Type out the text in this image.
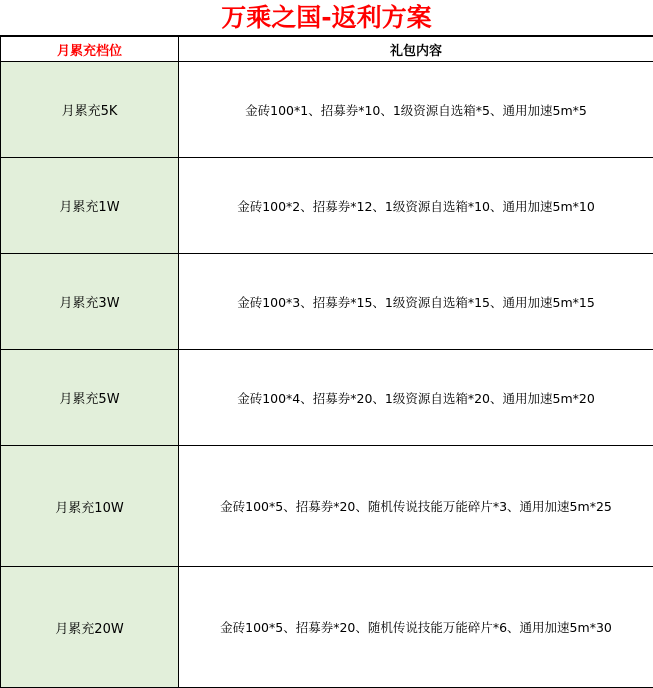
万乘之国-返利方案
月累充档位	礼包内容
月累充5K	金砖100*1、招募券*10、1级资源自选箱*5、通用加速5m*5
月累充1W	金砖100*2、招募券*12、1级资源自选箱*10、通用加速5m*10
月累充3W	金砖100*3、招募券*15、1级资源自选箱*15、通用加速5m*15
月累充5W	金砖100*4、招募券*20、1级资源自选箱*20、通用加速5m*20
月累充10W	金砖100*5、招募券*20、随机传说技能万能碎片*3、通用加速5m*25
月累充20W	金砖100*5、招募券*20、随机传说技能万能碎片*6、通用加速5m*30
